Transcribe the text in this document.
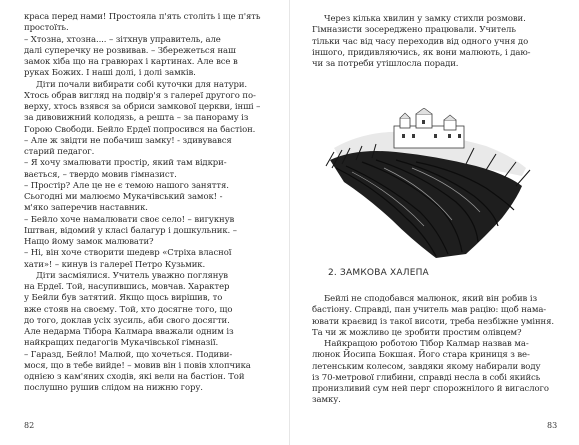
краса перед нами! Простояла п'ять століть і ще п'ять

простоїть.

– Хтозна, хтозна.... – зітхнув управитель, але

далі суперечку не розвивав. – Збережеться наш

замок хіба що на гравюрах і картинах. Але все в

руках Божих. І наші долі, і долі замків.

Діти почали вибирати собі куточки для натури.

Хтось обрав вигляд на подвір'я з галереї другого по-

верху, хтось взявся за обриси замкової церкви, інші –

за дивовижний колодязь, а решта – за панораму із

Горою Свободи. Бейло Ердеї попросився на бастіон.

– Але ж звідти не побачиш замку! - здивувався

старий педагог.

– Я хочу змалювати простір, який там відкри-

вається, – твердо мовив гімназист.

– Простір? Але це не є темою нашого заняття.

Сьогодні ми малюємо Мукачівський замок! -

м'яко заперечив наставник.

– Бейло хоче намалювати своє село! – вигукнув

Іштван, відомий у класі балагур і дошкульник. –

Нащо йому замок малювати?

– Ні, він хоче створити шедевр «Стріха власної

хати»! – кинув із галереї Петро Кузьмик.

Діти засміялися. Учитель уважно поглянув

на Ердеї. Той, насупившись, мовчав. Характер

у Бейли був затятий. Якщо щось вирішив, то

вже стояв на своєму. Той, хто досягне того, що

до того, доклав усіх зусиль, аби свого досягти.

Але недарма Тібора Калмара вважали одним із

найкращих педагогів Мукачівської гімназії.

– Гаразд, Бейло! Малюй, що хочеться. Подиви-

мося, що в тебе вийде! – мовив він і повів хлопчика

однією з кам'яних сходів, які вели на бастіон. Той

послушно рушив слідом на нижню гору.

82

Через кілька хвилин у замку стихли розмови.

Гімназисти зосереджено працювали. Учитель

тільки час від часу переходив від одного учня до

іншого, придивляючись, як вони малюють, і даю-

чи за потреби утішлосла поради.

2. ЗАМКОВА ХАЛЕПА

Бейлі не сподобався малюнок, який він робив із

бастіону. Справді, пан учитель мав рацію: щоб нама-

ювати краєвид із такої висоти, треба незбіжне уміння.

Та чи ж можливо це зробити простим олівцем?

Найкращою роботою Тібор Калмар назвав ма-

люнок Йосипа Бокшая. Його стара криниця з ве-

летенським колесом, завдяки якому набирали воду

із 70-метрової глибини, справді несла в собі якийсь

пронизливий сум ней перг спорожнілого й вигаслого

замку.

83
